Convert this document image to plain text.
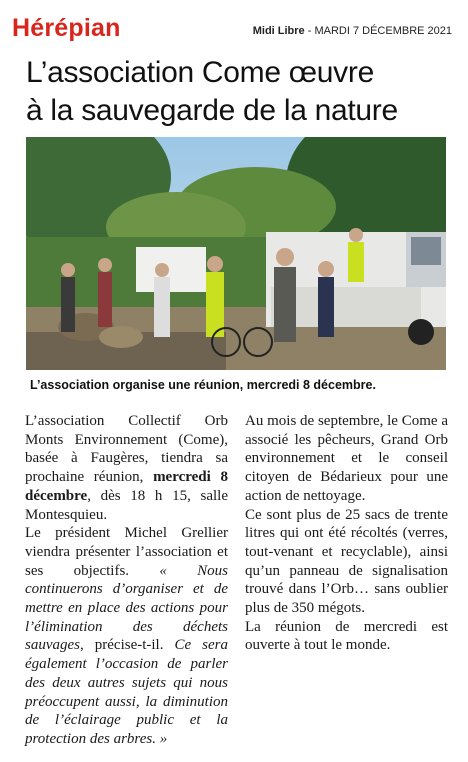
Hérépian	Midi Libre - MARDI 7 DÉCEMBRE 2021
L’association Come œuvre
à la sauvegarde de la nature
L’association organise une réunion, mercredi 8 décembre.

L’association Collectif Orb Monts Environnement (Come), basée à Faugères, tiendra sa prochaine réunion, mercredi 8 décembre, dès 18 h 15, salle Montesquieu.

Le président Michel Grellier viendra présenter l’association et ses objectifs. « Nous continuerons d’organiser et de mettre en place des actions pour l’élimination des déchets sauvages, précise-t-il. Ce sera également l’occasion de parler des deux autres sujets qui nous préoccupent aussi, la diminution de l’éclairage public et la protection des arbres. »

Au mois de septembre, le Come a associé les pêcheurs, Grand Orb environnement et le conseil citoyen de Bédarieux pour une action de nettoyage.

Ce sont plus de 25 sacs de trente litres qui ont été récoltés (verres, tout-venant et recyclable), ainsi qu’un panneau de signalisation trouvé dans l’Orb… sans oublier plus de 350 mégots.

La réunion de mercredi est ouverte à tout le monde.
